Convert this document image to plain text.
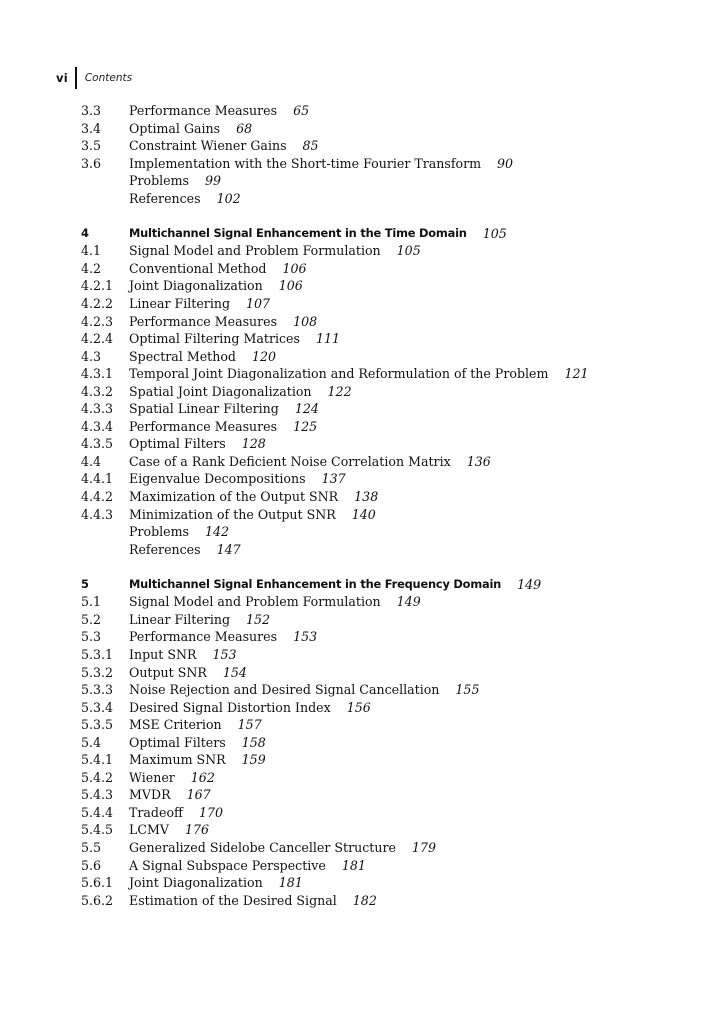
vi Contents
3.3	Performance Measures 65
3.4	Optimal Gains 68
3.5	Constraint Wiener Gains 85
3.6	Implementation with the Short-time Fourier Transform 90
Problems 99
References 102
4	Multichannel Signal Enhancement in the Time Domain 105
4.1	Signal Model and Problem Formulation 105
4.2	Conventional Method 106
4.2.1	Joint Diagonalization 106
4.2.2	Linear Filtering 107
4.2.3	Performance Measures 108
4.2.4	Optimal Filtering Matrices 111
4.3	Spectral Method 120
4.3.1	Temporal Joint Diagonalization and Reformulation of the Problem 121
4.3.2	Spatial Joint Diagonalization 122
4.3.3	Spatial Linear Filtering 124
4.3.4	Performance Measures 125
4.3.5	Optimal Filters 128
4.4	Case of a Rank Deficient Noise Correlation Matrix 136
4.4.1	Eigenvalue Decompositions 137
4.4.2	Maximization of the Output SNR 138
4.4.3	Minimization of the Output SNR 140
Problems 142
References 147
5	Multichannel Signal Enhancement in the Frequency Domain 149
5.1	Signal Model and Problem Formulation 149
5.2	Linear Filtering 152
5.3	Performance Measures 153
5.3.1	Input SNR 153
5.3.2	Output SNR 154
5.3.3	Noise Rejection and Desired Signal Cancellation 155
5.3.4	Desired Signal Distortion Index 156
5.3.5	MSE Criterion 157
5.4	Optimal Filters 158
5.4.1	Maximum SNR 159
5.4.2	Wiener 162
5.4.3	MVDR 167
5.4.4	Tradeoff 170
5.4.5	LCMV 176
5.5	Generalized Sidelobe Canceller Structure 179
5.6	A Signal Subspace Perspective 181
5.6.1	Joint Diagonalization 181
5.6.2	Estimation of the Desired Signal 182
